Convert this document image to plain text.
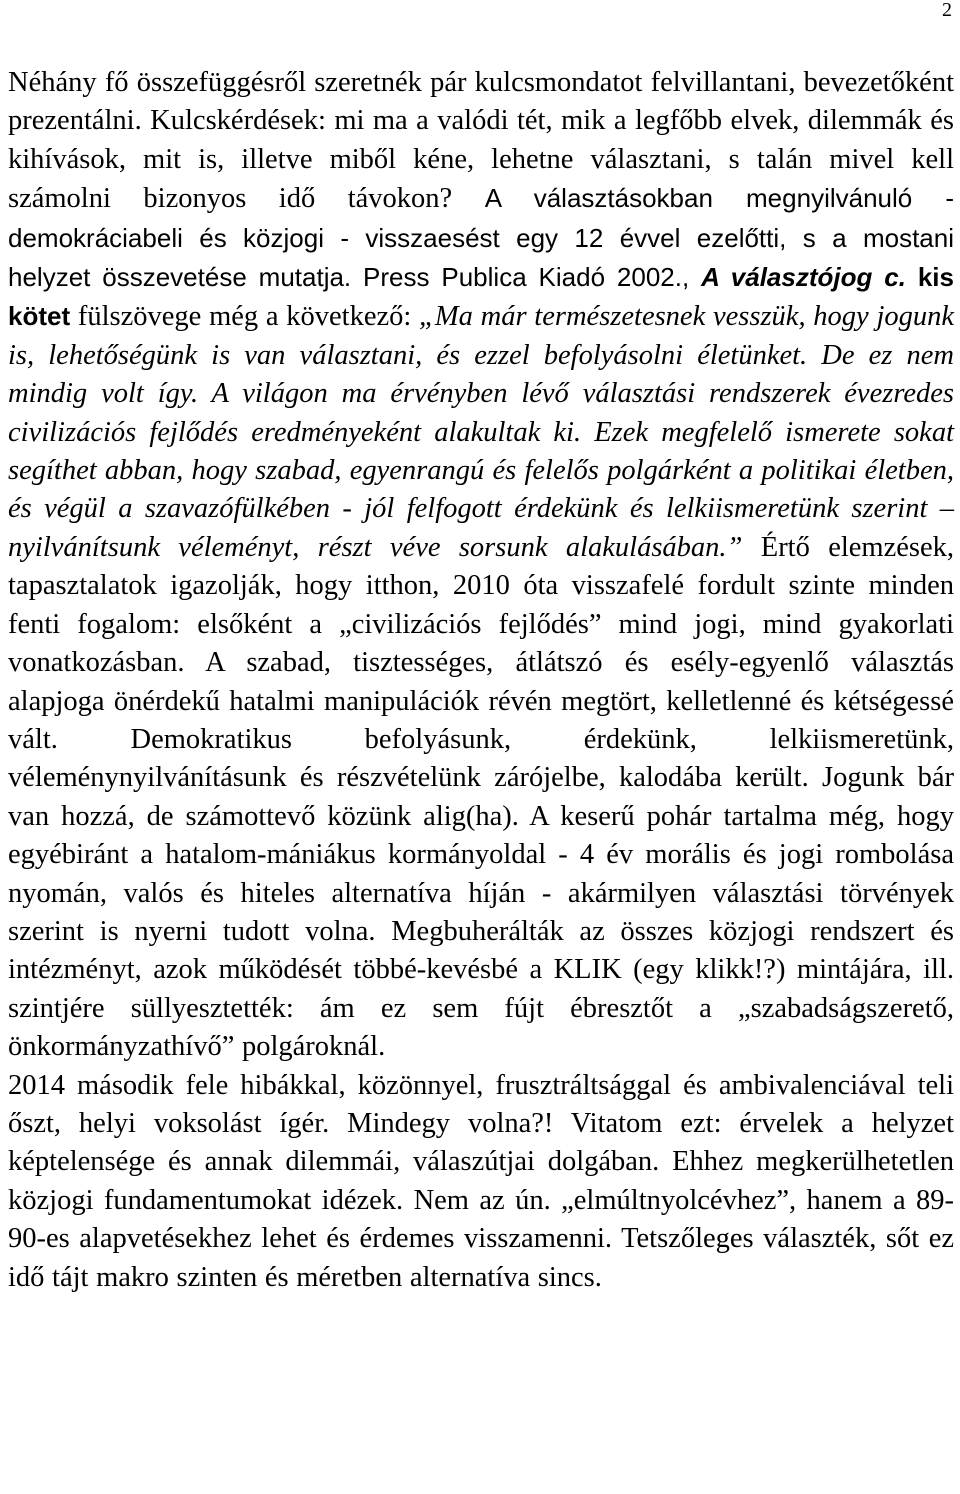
2

Néhány fő összefüggésről szeretnék pár kulcsmondatot felvillantani, bevezetőként prezentálni. Kulcskérdések: mi ma a valódi tét, mik a legfőbb elvek, dilemmák és kihívások, mit is, illetve miből kéne, lehetne választani, s talán mivel kell számolni bizonyos idő távokon? A választásokban megnyilvánuló - demokráciabeli és közjogi - visszaesést egy 12 évvel ezelőtti, s a mostani helyzet összevetése mutatja. Press Publica Kiadó 2002., A választójog c. kis kötet fülszövege még a következő: „Ma már természetesnek vesszük, hogy jogunk is, lehetőségünk is van választani, és ezzel befolyásolni életünket. De ez nem mindig volt így. A világon ma érvényben lévő választási rendszerek évezredes civilizációs fejlődés eredményeként alakultak ki. Ezek megfelelő ismerete sokat segíthet abban, hogy szabad, egyenrangú és felelős polgárként a politikai életben, és végül a szavazófülkében - jól felfogott érdekünk és lelkiismeretünk szerint – nyilvánítsunk véleményt, részt véve sorsunk alakulásában.” Értő elemzések, tapasztalatok igazolják, hogy itthon, 2010 óta visszafelé fordult szinte minden fenti fogalom: elsőként a „civilizációs fejlődés” mind jogi, mind gyakorlati vonatkozásban. A szabad, tisztességes, átlátszó és esély-egyenlő választás alapjoga önérdekű hatalmi manipulációk révén megtört, kelletlenné és kétségessé vált. Demokratikus befolyásunk, érdekünk, lelkiismeretünk, véleménynyilvánításunk és részvételünk zárójelbe, kalodába került. Jogunk bár van hozzá, de számottevő közünk alig(ha). A keserű pohár tartalma még, hogy egyébiránt a hatalom-mániákus kormányoldal - 4 év morális és jogi rombolása nyomán, valós és hiteles alternatíva híján - akármilyen választási törvények szerint is nyerni tudott volna. Megbuherálták az összes közjogi rendszert és intézményt, azok működését többé-kevésbé a KLIK (egy klikk!?) mintájára, ill. szintjére süllyesztették: ám ez sem fújt ébresztőt a „szabadságszerető, önkormányzathívő” polgároknál.

2014 második fele hibákkal, közönnyel, frusztráltsággal és ambivalenciával teli őszt, helyi voksolást ígér. Mindegy volna?! Vitatom ezt: érvelek a helyzet képtelensége és annak dilemmái, válaszútjai dolgában. Ehhez megkerülhetetlen közjogi fundamentumokat idézek. Nem az ún. „elmúltnyolcévhez”, hanem a 89-90-es alapvetésekhez lehet és érdemes visszamenni. Tetszőleges választék, sőt ez idő tájt makro szinten és méretben alternatíva sincs.
